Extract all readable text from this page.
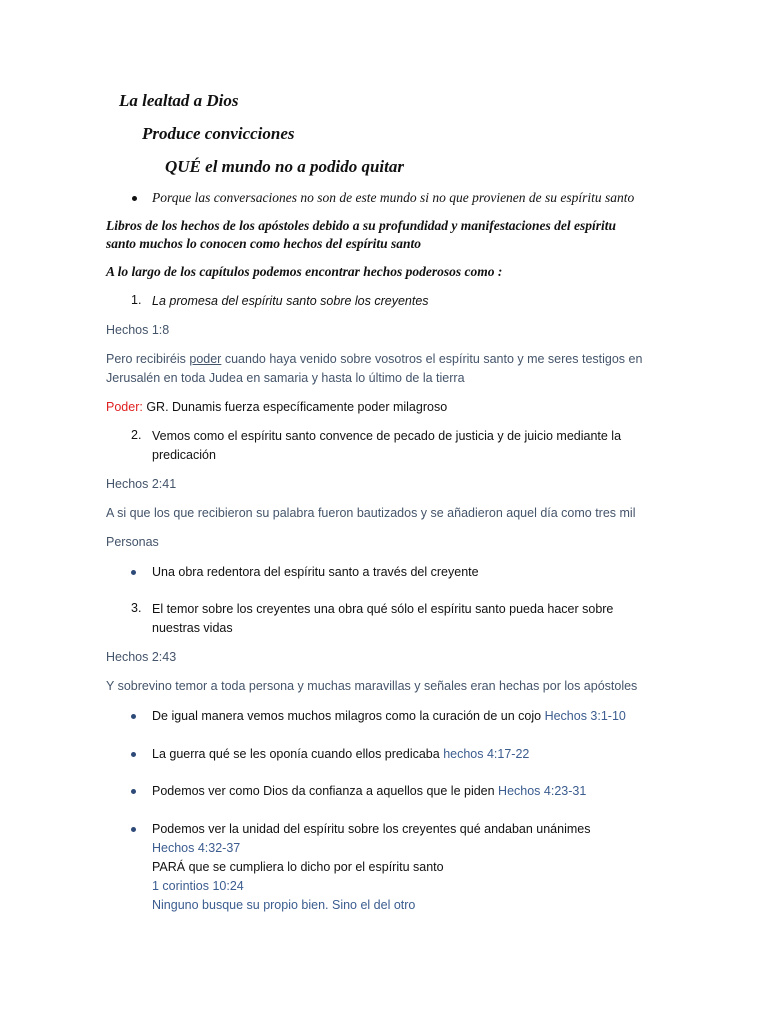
La lealtad a Dios
Produce convicciones
QUÉ el mundo no a podido quitar
Porque las conversaciones no son de este mundo si no que provienen de su espíritu santo
Libros de los hechos de los apóstoles debido a su profundidad y manifestaciones del espíritu
santo muchos lo conocen como hechos del espíritu santo
A lo largo de los capítulos podemos encontrar hechos poderosos como :
1. La promesa del espíritu santo sobre los creyentes
Hechos 1:8
Pero recibiréis poder cuando haya venido sobre vosotros el espíritu santo y me seres testigos en
Jerusalén en toda Judea en samaria y hasta lo último de la tierra
Poder: GR. Dunamis fuerza específicamente poder milagroso
2. Vemos como el espíritu santo convence de pecado de justicia y de juicio mediante la
predicación
Hechos 2:41
A si que los que recibieron su palabra fueron bautizados y se añadieron aquel día como tres mil
Personas
Una obra redentora del espíritu santo a través del creyente
3. El temor sobre los creyentes una obra qué sólo el espíritu santo pueda hacer sobre
nuestras vidas
Hechos 2:43
Y sobrevino temor a toda persona y muchas maravillas y señales eran hechas por los apóstoles
De igual manera vemos muchos milagros como la curación de un cojo Hechos 3:1-10
La guerra qué se les oponía cuando ellos predicaba hechos 4:17-22
Podemos ver como Dios da confianza a aquellos que le piden Hechos 4:23-31
Podemos ver la unidad del espíritu sobre los creyentes qué andaban unánimes
Hechos 4:32-37
PARÁ que se cumpliera lo dicho por el espíritu santo
1 corintios 10:24
Ninguno busque su propio bien. Sino el del otro
